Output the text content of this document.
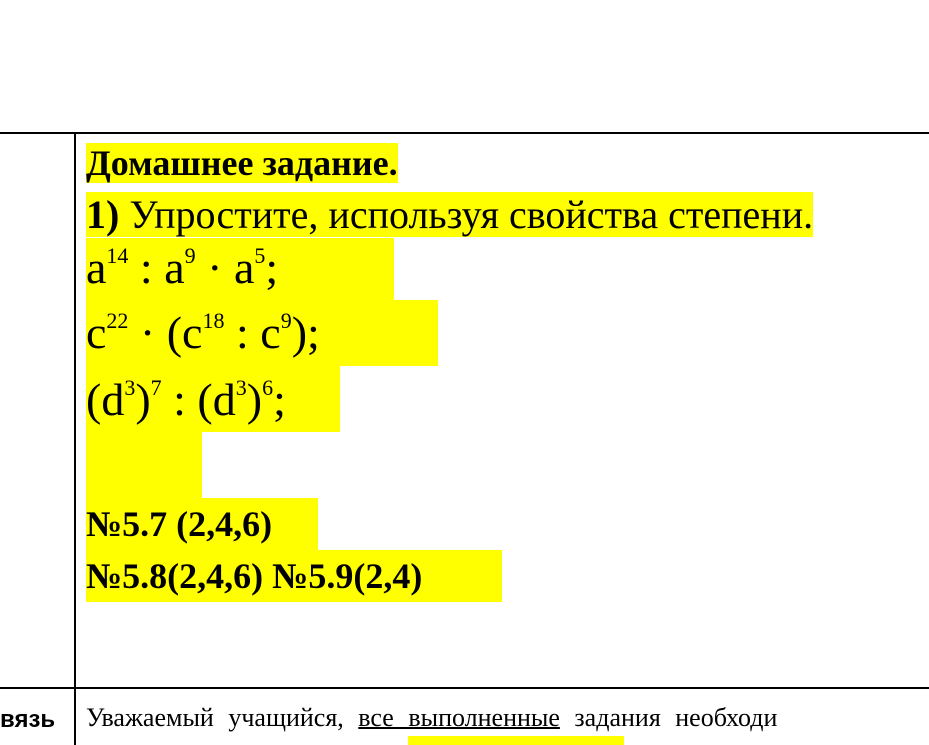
Домашнее задание.
1) Упростите, используя свойства степени.
$a^{14}$ : $a^9 \cdot a^5$;
$c^{22} \cdot (c^{18}$ : $c^9$);
$(d^3)^7$ : $(d^3)^6$;
№5.7 (2,4,6)
№5.8(2,4,6) №5.9(2,4)
вязь Уважаемый учащийся, все выполненные задания необходи
